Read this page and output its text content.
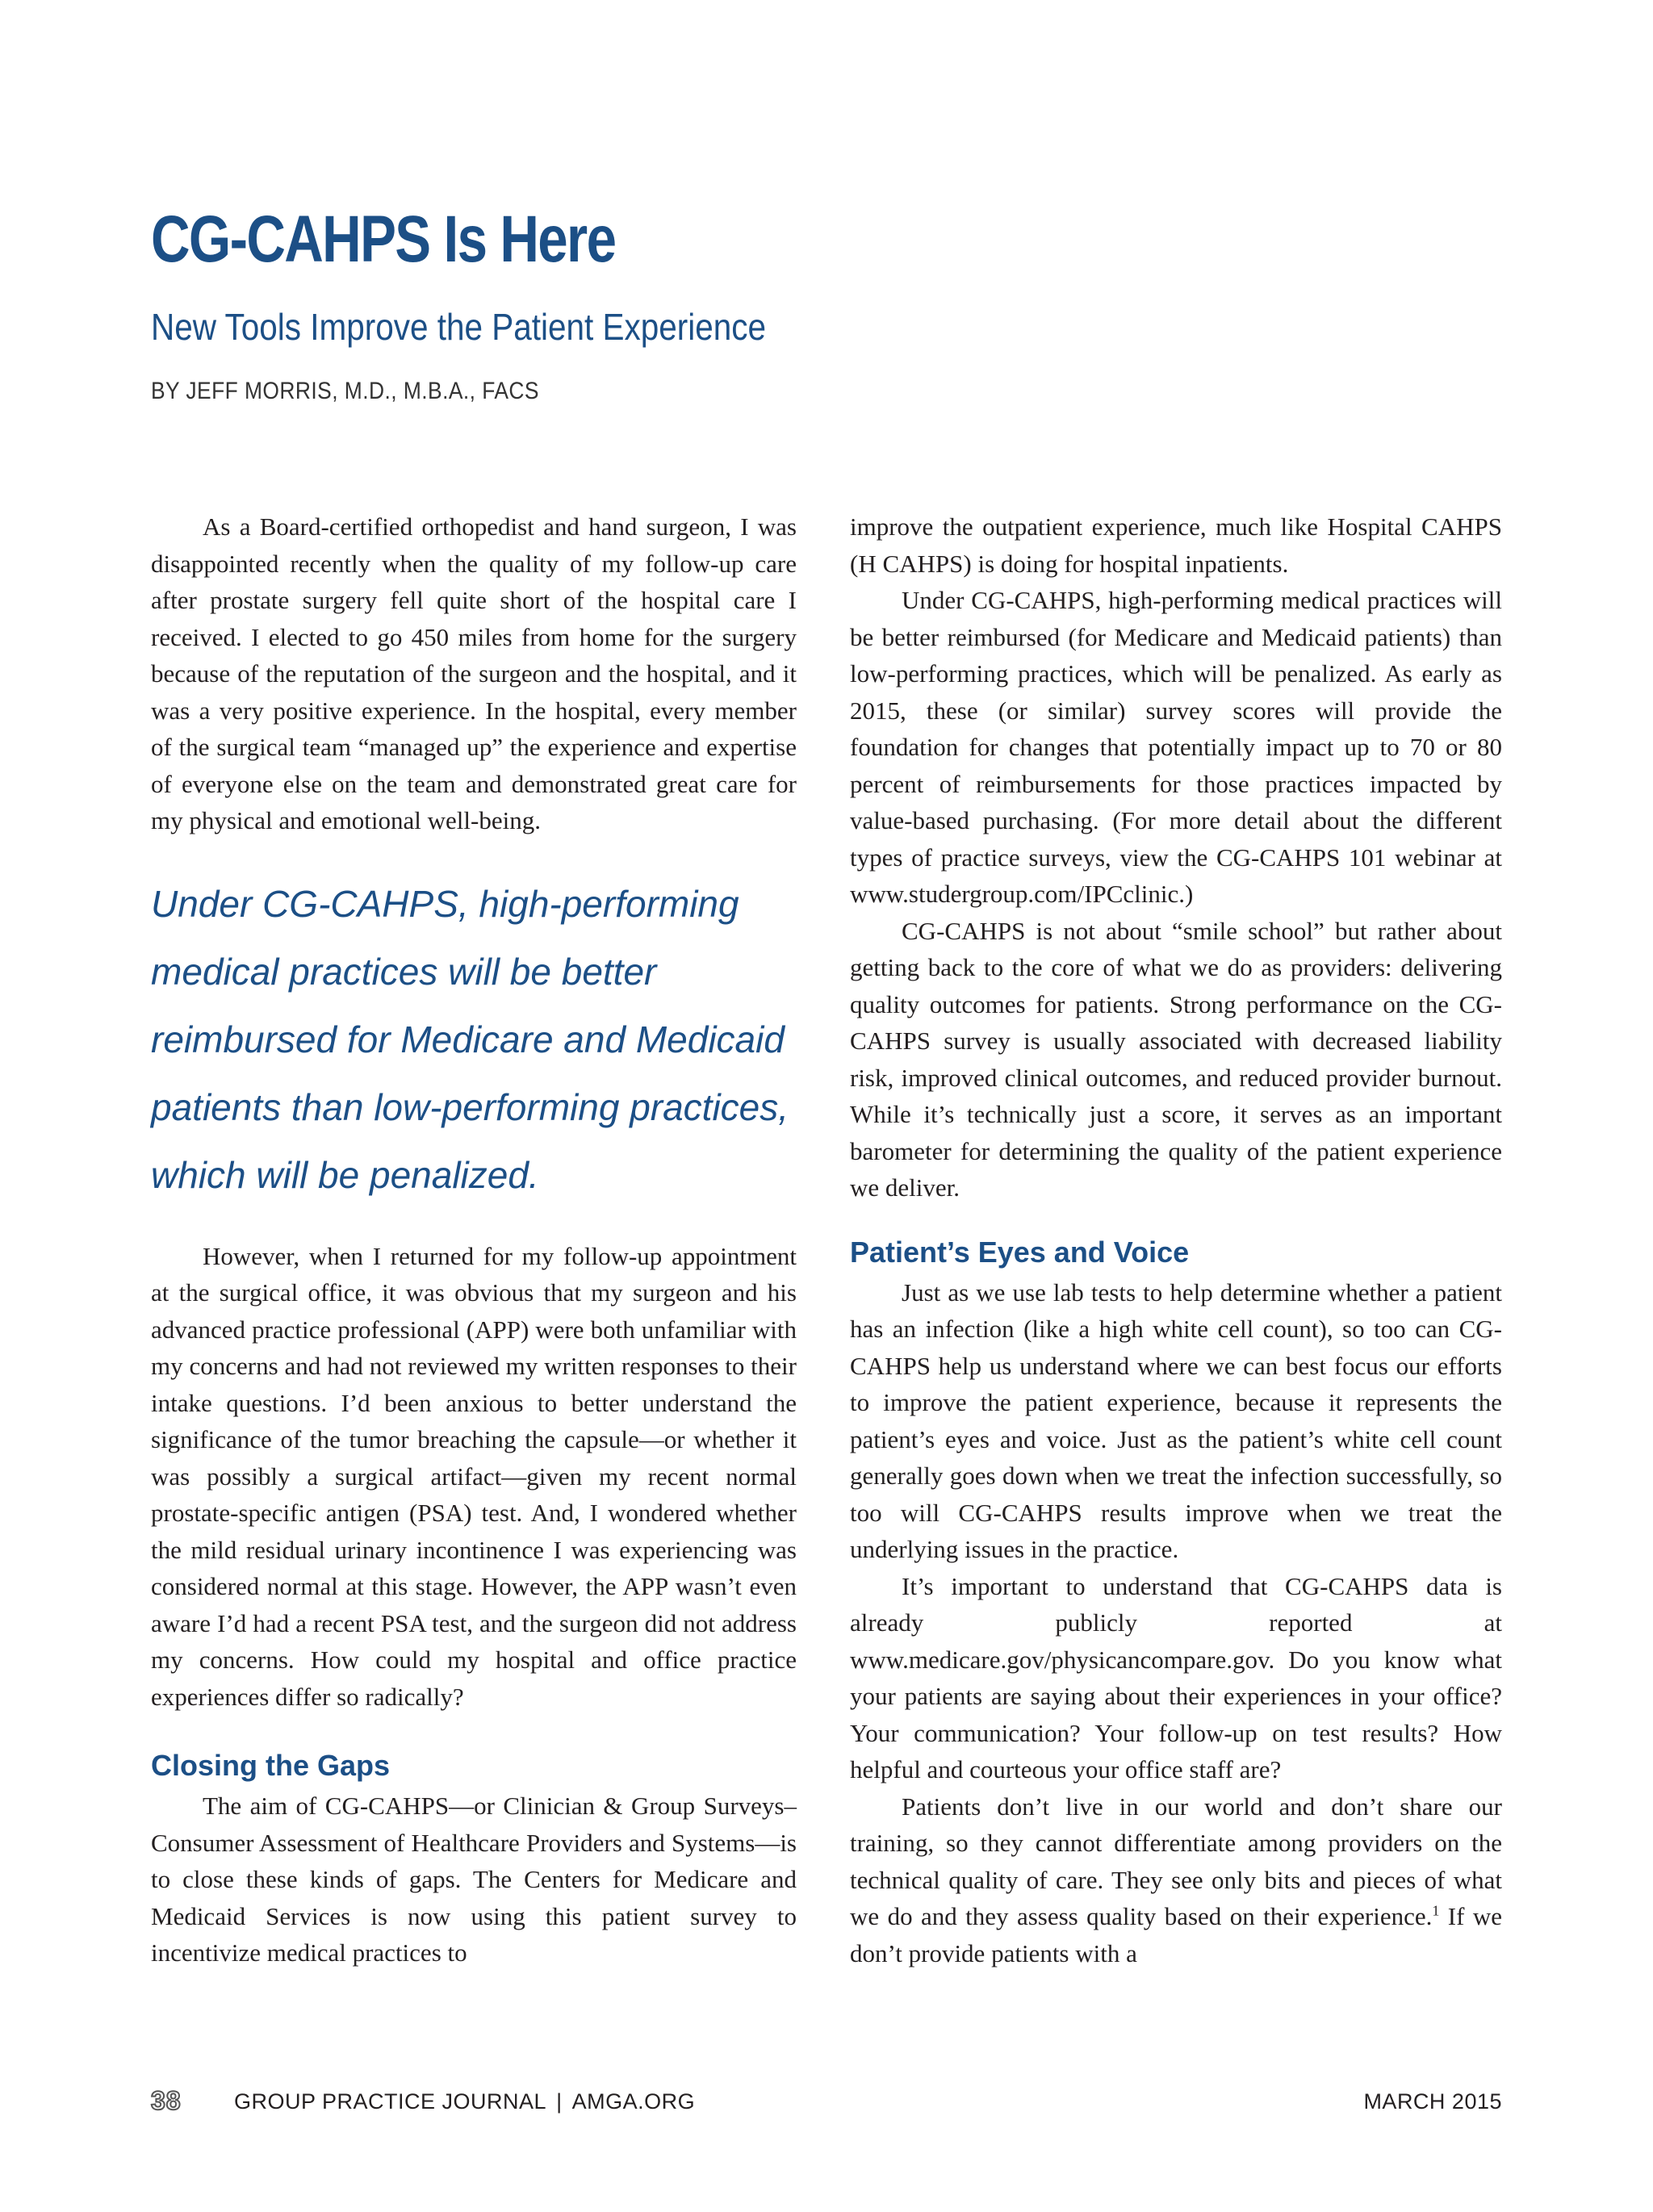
CG-CAHPS Is Here
New Tools Improve the Patient Experience
BY JEFF MORRIS, M.D., M.B.A., FACS

As a Board-certified orthopedist and hand surgeon, I was disappointed recently when the quality of my follow-up care after prostate surgery fell quite short of the hospital care I received. I elected to go 450 miles from home for the surgery because of the reputation of the surgeon and the hospital, and it was a very positive experience. In the hospital, every member of the surgical team “managed up” the experience and expertise of everyone else on the team and demonstrated great care for my physical and emotional well-being.

Under CG-CAHPS, high-performing medical practices will be better reimbursed for Medicare and Medicaid patients than low-performing practices, which will be penalized.

However, when I returned for my follow-up appointment at the surgical office, it was obvious that my surgeon and his advanced practice professional (APP) were both unfamiliar with my concerns and had not reviewed my written responses to their intake questions. I’d been anxious to better understand the significance of the tumor breaching the capsule—or whether it was possibly a surgical artifact—given my recent normal prostate-specific antigen (PSA) test. And, I wondered whether the mild residual urinary incontinence I was experiencing was considered normal at this stage. However, the APP wasn’t even aware I’d had a recent PSA test, and the surgeon did not address my concerns. How could my hospital and office practice experiences differ so radically?

Closing the Gaps

The aim of CG-CAHPS—or Clinician & Group Surveys–Consumer Assessment of Healthcare Providers and Systems—is to close these kinds of gaps. The Centers for Medicare and Medicaid Services is now using this patient survey to incentivize medical practices to

improve the outpatient experience, much like Hospital CAHPS (H CAHPS) is doing for hospital inpatients.

Under CG-CAHPS, high-performing medical practices will be better reimbursed (for Medicare and Medicaid patients) than low-performing practices, which will be penalized. As early as 2015, these (or similar) survey scores will provide the foundation for changes that potentially impact up to 70 or 80 percent of reimbursements for those practices impacted by value-based purchasing. (For more detail about the different types of practice surveys, view the CG-CAHPS 101 webinar at www.studergroup.com/IPCclinic.)

CG-CAHPS is not about “smile school” but rather about getting back to the core of what we do as providers: delivering quality outcomes for patients. Strong performance on the CG-CAHPS survey is usually associated with decreased liability risk, improved clinical outcomes, and reduced provider burnout. While it’s technically just a score, it serves as an important barometer for determining the quality of the patient experience we deliver.

Patient’s Eyes and Voice

Just as we use lab tests to help determine whether a patient has an infection (like a high white cell count), so too can CG-CAHPS help us understand where we can best focus our efforts to improve the patient experience, because it represents the patient’s eyes and voice. Just as the patient’s white cell count generally goes down when we treat the infection successfully, so too will CG-CAHPS results improve when we treat the underlying issues in the practice.

It’s important to understand that CG-CAHPS data is already publicly reported at www.medicare.gov/physicancompare.gov. Do you know what your patients are saying about their experiences in your office? Your communication? Your follow-up on test results? How helpful and courteous your office staff are?

Patients don’t live in our world and don’t share our training, so they cannot differentiate among providers on the technical quality of care. They see only bits and pieces of what we do and they assess quality based on their experience.$^1$ If we don’t provide patients with a

38 GROUP PRACTICE JOURNAL | AMGA.ORG	MARCH 2015
